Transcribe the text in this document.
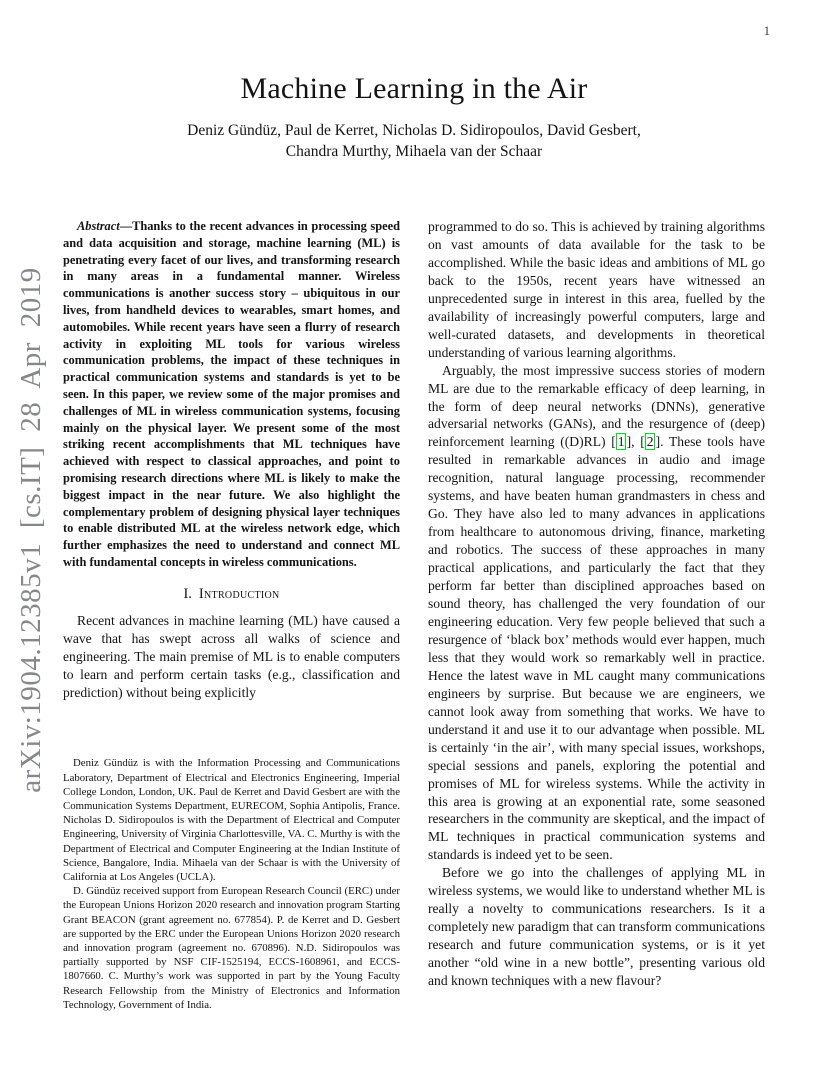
1
arXiv:1904.12385v1 [cs.IT] 28 Apr 2019
Machine Learning in the Air
Deniz Gündüz, Paul de Kerret, Nicholas D. Sidiropoulos, David Gesbert,
Chandra Murthy, Mihaela van der Schaar

Abstract—Thanks to the recent advances in processing speed and data acquisition and storage, machine learning (ML) is penetrating every facet of our lives, and transforming research in many areas in a fundamental manner. Wireless communications is another success story – ubiquitous in our lives, from handheld devices to wearables, smart homes, and automobiles. While recent years have seen a flurry of research activity in exploiting ML tools for various wireless communication problems, the impact of these techniques in practical communication systems and standards is yet to be seen. In this paper, we review some of the major promises and challenges of ML in wireless communication systems, focusing mainly on the physical layer. We present some of the most striking recent accomplishments that ML techniques have achieved with respect to classical approaches, and point to promising research directions where ML is likely to make the biggest impact in the near future. We also highlight the complementary problem of designing physical layer techniques to enable distributed ML at the wireless network edge, which further emphasizes the need to understand and connect ML with fundamental concepts in wireless communications.

I. Introduction

Recent advances in machine learning (ML) have caused a wave that has swept across all walks of science and engineering. The main premise of ML is to enable computers to learn and perform certain tasks (e.g., classification and prediction) without being explicitly

Deniz Gündüz is with the Information Processing and Communications Laboratory, Department of Electrical and Electronics Engineering, Imperial College London, London, UK. Paul de Kerret and David Gesbert are with the Communication Systems Department, EURECOM, Sophia Antipolis, France. Nicholas D. Sidiropoulos is with the Department of Electrical and Computer Engineering, University of Virginia Charlottesville, VA. C. Murthy is with the Department of Electrical and Computer Engineering at the Indian Institute of Science, Bangalore, India. Mihaela van der Schaar is with the University of California at Los Angeles (UCLA).

D. Gündüz received support from European Research Council (ERC) under the European Unions Horizon 2020 research and innovation program Starting Grant BEACON (grant agreement no. 677854). P. de Kerret and D. Gesbert are supported by the ERC under the European Unions Horizon 2020 research and innovation program (agreement no. 670896). N.D. Sidiropoulos was partially supported by NSF CIF-1525194, ECCS-1608961, and ECCS-1807660. C. Murthy’s work was supported in part by the Young Faculty Research Fellowship from the Ministry of Electronics and Information Technology, Government of India.

programmed to do so. This is achieved by training algorithms on vast amounts of data available for the task to be accomplished. While the basic ideas and ambitions of ML go back to the 1950s, recent years have witnessed an unprecedented surge in interest in this area, fuelled by the availability of increasingly powerful computers, large and well-curated datasets, and developments in theoretical understanding of various learning algorithms.

Arguably, the most impressive success stories of modern ML are due to the remarkable efficacy of deep learning, in the form of deep neural networks (DNNs), generative adversarial networks (GANs), and the resurgence of (deep) reinforcement learning ((D)RL) [ 1 ], [ 2 ]. These tools have resulted in remarkable advances in audio and image recognition, natural language processing, recommender systems, and have beaten human grandmasters in chess and Go. They have also led to many advances in applications from healthcare to autonomous driving, finance, marketing and robotics. The success of these approaches in many practical applications, and particularly the fact that they perform far better than disciplined approaches based on sound theory, has challenged the very foundation of our engineering education. Very few people believed that such a resurgence of ‘black box’ methods would ever happen, much less that they would work so remarkably well in practice. Hence the latest wave in ML caught many communications engineers by surprise. But because we are engineers, we cannot look away from something that works. We have to understand it and use it to our advantage when possible. ML is certainly ‘in the air’, with many special issues, workshops, special sessions and panels, exploring the potential and promises of ML for wireless systems. While the activity in this area is growing at an exponential rate, some seasoned researchers in the community are skeptical, and the impact of ML techniques in practical communication systems and standards is indeed yet to be seen.

Before we go into the challenges of applying ML in wireless systems, we would like to understand whether ML is really a novelty to communications researchers. Is it a completely new paradigm that can transform communications research and future communication systems, or is it yet another “old wine in a new bottle”, presenting various old and known techniques with a new flavour?
